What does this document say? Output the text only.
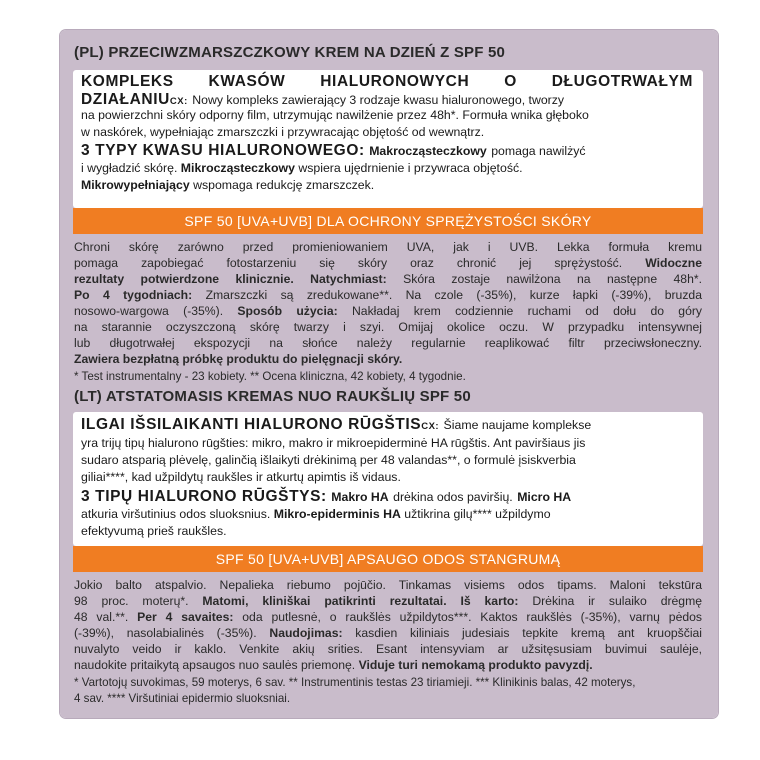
(PL) PRZECIWZMARSZCZKOWY KREM NA DZIEŃ Z SPF 50
KOMPLEKS KWASÓW HIALURONOWYCH O DŁUGOTRWAŁYM
DZIAŁANIUCX: Nowy kompleks zawierający 3 rodzaje kwasu hialuronowego, tworzy
na powierzchni skóry odporny film, utrzymując nawilżenie przez 48h*. Formuła wnika głęboko
w naskórek, wypełniając zmarszczki i przywracając objętość od wewnątrz.
3 TYPY KWASU HIALURONOWEGO: Makrocząsteczkowy pomaga nawilżyć
i wygładzić skórę. Mikrocząsteczkowy wspiera ujędrnienie i przywraca objętość.
Mikrowypełniający wspomaga redukcję zmarszczek.
SPF 50 [UVA+UVB] DLA OCHRONY SPRĘŻYSTOŚCI SKÓRY
Chroni skórę zarówno przed promieniowaniem UVA, jak i UVB. Lekka formuła kremu
pomaga zapobiegać fotostarzeniu się skóry oraz chronić jej sprężystość. Widoczne
rezultaty potwierdzone klinicznie. Natychmiast: Skóra zostaje nawilżona na następne 48h*.
Po 4 tygodniach: Zmarszczki są zredukowane**. Na czole (-35%), kurze łapki (-39%), bruzda
nosowo-wargowa (-35%). Sposób użycia: Nakładaj krem codziennie ruchami od dołu do góry
na starannie oczyszczoną skórę twarzy i szyi. Omijaj okolice oczu. W przypadku intensywnej
lub długotrwałej ekspozycji na słońce należy regularnie reaplikować filtr przeciwsłoneczny.
Zawiera bezpłatną próbkę produktu do pielęgnacji skóry.
* Test instrumentalny - 23 kobiety. ** Ocena kliniczna, 42 kobiety, 4 tygodnie.
(LT) ATSTATOMASIS KREMAS NUO RAUKŠLIŲ SPF 50
ILGAI IŠSILAIKANTI HIALURONO RŪGŠTISCX: Šiame naujame komplekse
yra trijų tipų hialurono rūgšties: mikro, makro ir mikroepiderminė HA rūgštis. Ant paviršiaus jis
sudaro atsparią plėvelę, galinčią išlaikyti drėkinimą per 48 valandas**, o formulė įsiskverbia
giliai****, kad užpildytų raukšles ir atkurtų apimtis iš vidaus.
3 TIPŲ HIALURONO RŪGŠTYS: Makro HA drėkina odos paviršių. Micro HA
atkuria viršutinius odos sluoksnius. Mikro-epiderminis HA užtikrina gilų**** užpildymo
efektyvumą prieš raukšles.
SPF 50 [UVA+UVB] APSAUGO ODOS STANGRUMĄ
Jokio balto atspalvio. Nepalieka riebumo pojūčio. Tinkamas visiems odos tipams. Maloni tekstūra
98 proc. moterų*. Matomi, kliniškai patikrinti rezultatai. Iš karto: Drėkina ir sulaiko drėgmę
48 val.**. Per 4 savaites: oda putlesnė, o raukšlės užpildytos***. Kaktos raukšlės (-35%), varnų pėdos
(-39%), nasolabialinės (-35%). Naudojimas: kasdien kiliniais judesiais tepkite kremą ant kruopščiai
nuvalyto veido ir kaklo. Venkite akių srities. Esant intensyviam ar užsitęsusiam buvimui saulėje,
naudokite pritaikytą apsaugos nuo saulės priemonę. Viduje turi nemokamą produkto pavyzdį.
* Vartotojų suvokimas, 59 moterys, 6 sav. ** Instrumentinis testas 23 tiriamieji. *** Klinikinis balas, 42 moterys,
4 sav. **** Viršutiniai epidermio sluoksniai.
